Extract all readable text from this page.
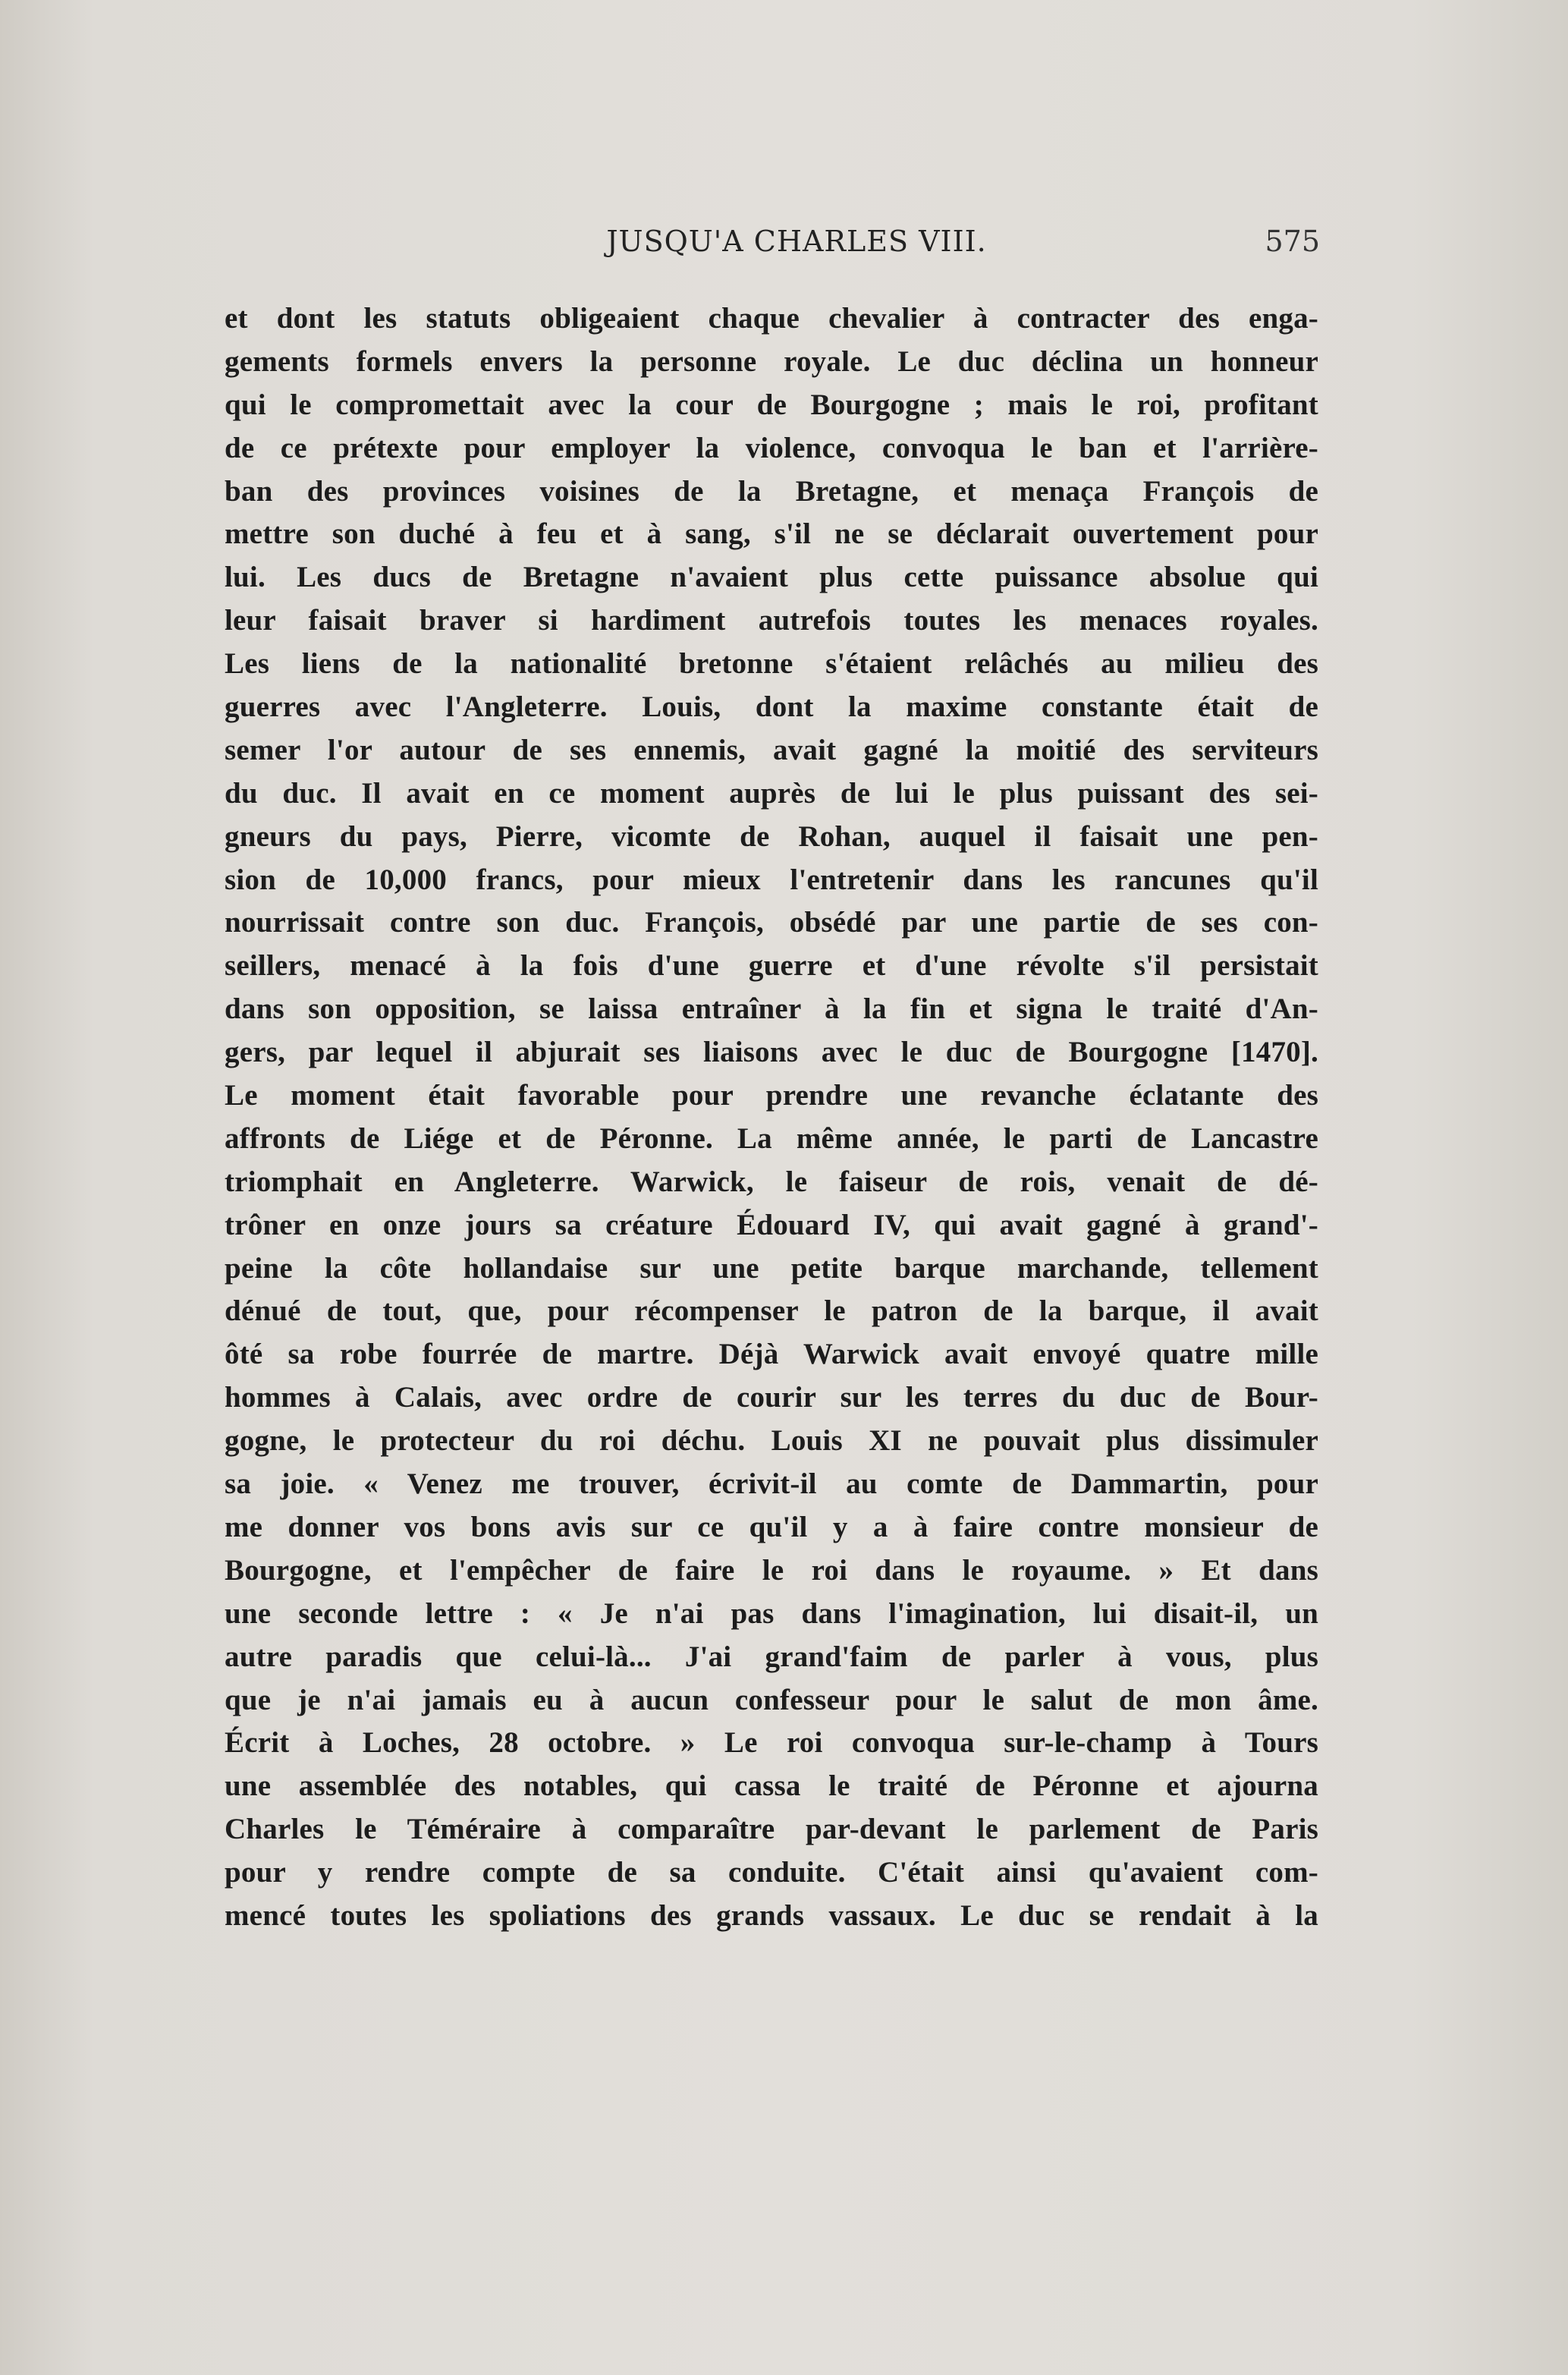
JUSQU'A CHARLES VIII.	575
et dont les statuts obligeaient chaque chevalier à contracter des enga-
gements formels envers la personne royale. Le duc déclina un honneur
qui le compromettait avec la cour de Bourgogne ; mais le roi, profitant
de ce prétexte pour employer la violence, convoqua le ban et l'arrière-
ban des provinces voisines de la Bretagne, et menaça François de
mettre son duché à feu et à sang, s'il ne se déclarait ouvertement pour
lui. Les ducs de Bretagne n'avaient plus cette puissance absolue qui
leur faisait braver si hardiment autrefois toutes les menaces royales.
Les liens de la nationalité bretonne s'étaient relâchés au milieu des
guerres avec l'Angleterre. Louis, dont la maxime constante était de
semer l'or autour de ses ennemis, avait gagné la moitié des serviteurs
du duc. Il avait en ce moment auprès de lui le plus puissant des sei-
gneurs du pays, Pierre, vicomte de Rohan, auquel il faisait une pen-
sion de 10,000 francs, pour mieux l'entretenir dans les rancunes qu'il
nourrissait contre son duc. François, obsédé par une partie de ses con-
seillers, menacé à la fois d'une guerre et d'une révolte s'il persistait
dans son opposition, se laissa entraîner à la fin et signa le traité d'An-
gers, par lequel il abjurait ses liaisons avec le duc de Bourgogne [1470].
Le moment était favorable pour prendre une revanche éclatante des
affronts de Liége et de Péronne. La même année, le parti de Lancastre
triomphait en Angleterre. Warwick, le faiseur de rois, venait de dé-
trôner en onze jours sa créature Édouard IV, qui avait gagné à grand'-
peine la côte hollandaise sur une petite barque marchande, tellement
dénué de tout, que, pour récompenser le patron de la barque, il avait
ôté sa robe fourrée de martre. Déjà Warwick avait envoyé quatre mille
hommes à Calais, avec ordre de courir sur les terres du duc de Bour-
gogne, le protecteur du roi déchu. Louis XI ne pouvait plus dissimuler
sa joie. « Venez me trouver, écrivit-il au comte de Dammartin, pour
me donner vos bons avis sur ce qu'il y a à faire contre monsieur de
Bourgogne, et l'empêcher de faire le roi dans le royaume. » Et dans
une seconde lettre : « Je n'ai pas dans l'imagination, lui disait-il, un
autre paradis que celui-là... J'ai grand'faim de parler à vous, plus
que je n'ai jamais eu à aucun confesseur pour le salut de mon âme.
Écrit à Loches, 28 octobre. » Le roi convoqua sur-le-champ à Tours
une assemblée des notables, qui cassa le traité de Péronne et ajourna
Charles le Téméraire à comparaître par-devant le parlement de Paris
pour y rendre compte de sa conduite. C'était ainsi qu'avaient com-
mencé toutes les spoliations des grands vassaux. Le duc se rendait à la
